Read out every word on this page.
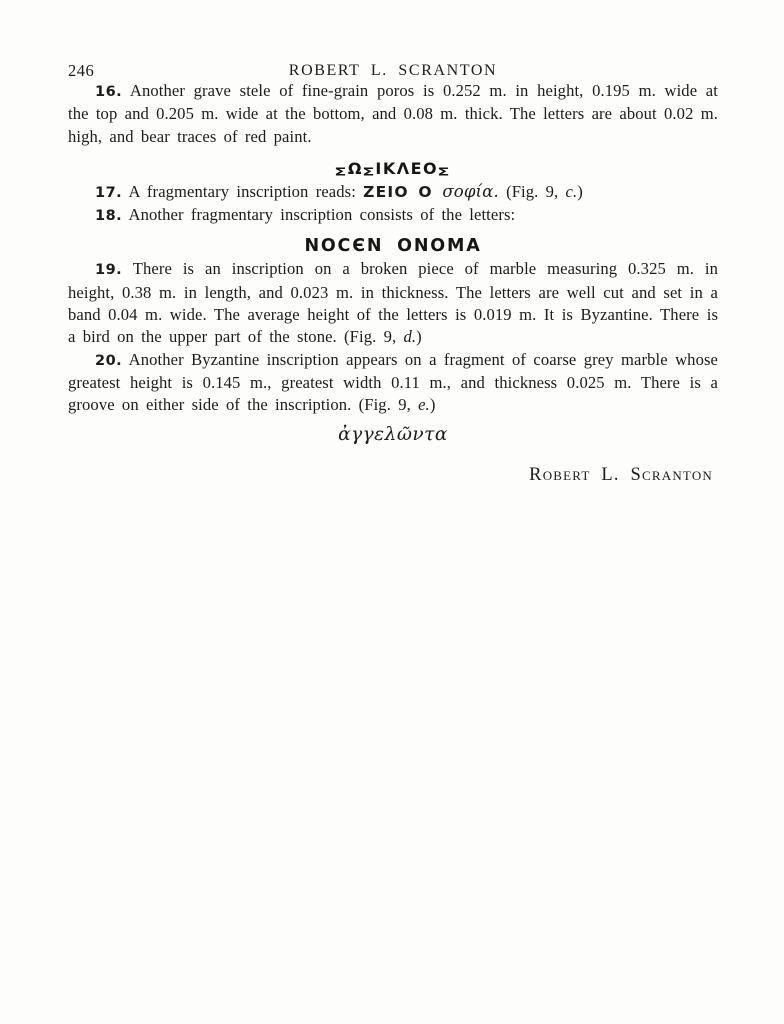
246	ROBERT L. SCRANTON

16. Another grave stele of fine-grain poros is 0.252 m. in height, 0.195 m. wide at the top and 0.205 m. wide at the bottom, and 0.08 m. thick. The letters are about 0.02 m. high, and bear traces of red paint.

ΣΩΣΙΚΛΕΟΣ

17. A fragmentary inscription reads: ZEIO O σοφία. (Fig. 9, c.)

18. Another fragmentary inscription consists of the letters:

NOCЄN ONOMA

19. There is an inscription on a broken piece of marble measuring 0.325 m. in height, 0.38 m. in length, and 0.023 m. in thickness. The letters are well cut and set in a band 0.04 m. wide. The average height of the letters is 0.019 m. It is Byzantine. There is a bird on the upper part of the stone. (Fig. 9, d.)

20. Another Byzantine inscription appears on a fragment of coarse grey marble whose greatest height is 0.145 m., greatest width 0.11 m., and thickness 0.025 m. There is a groove on either side of the inscription. (Fig. 9, e.)

ἀγγελῶντα
Robert L. Scranton
